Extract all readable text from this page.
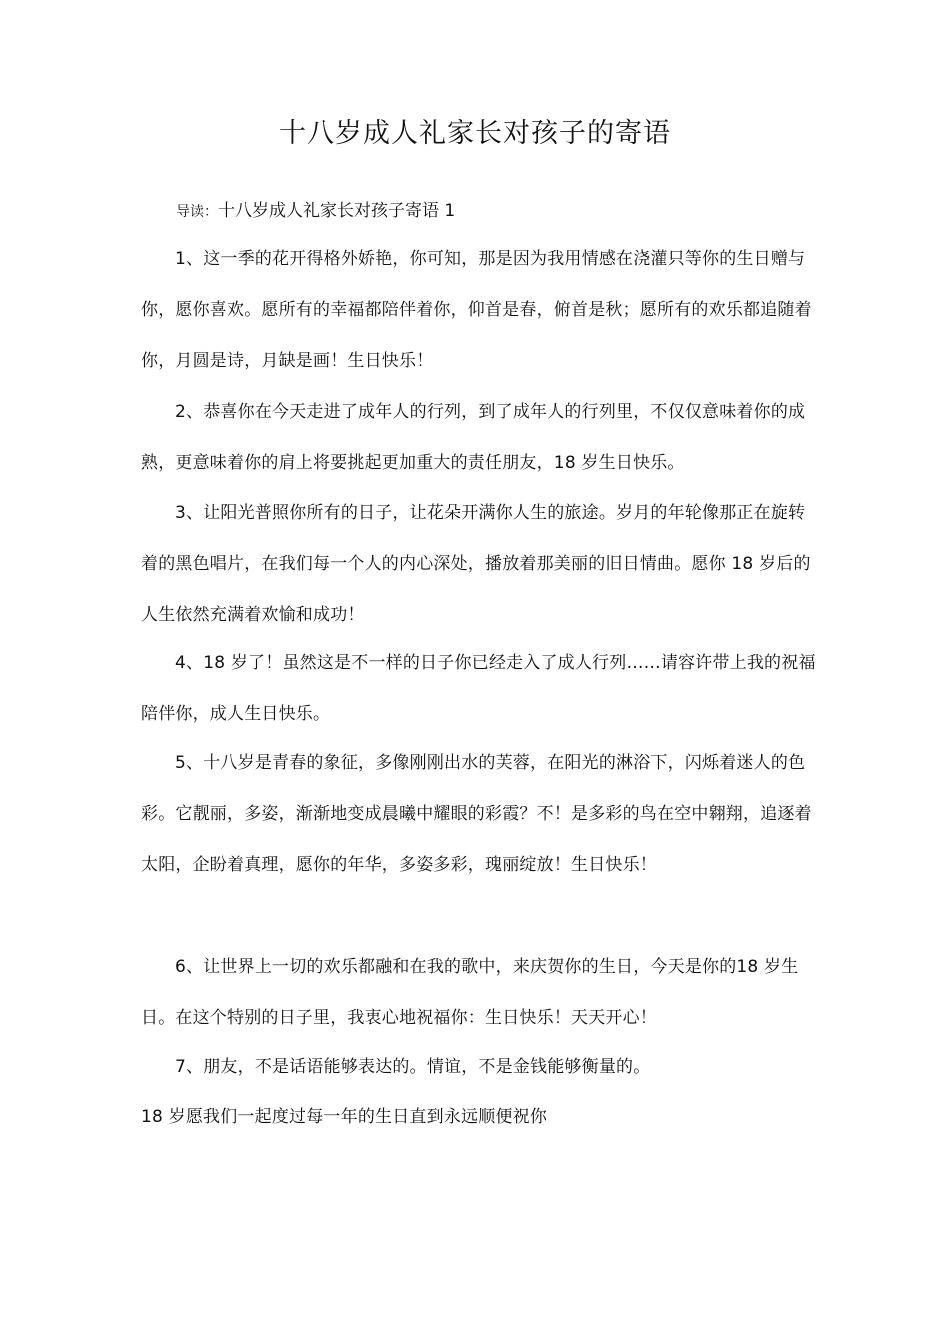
十八岁成人礼家长对孩子的寄语
导读：十八岁成人礼家长对孩子寄语 1

1、这一季的花开得格外娇艳，你可知，那是因为我用情感在浇灌只等你的生日赠与你，愿你喜欢。愿所有的幸福都陪伴着你，仰首是春，俯首是秋；愿所有的欢乐都追随着你，月圆是诗，月缺是画！生日快乐！

2、恭喜你在今天走进了成年人的行列，到了成年人的行列里，不仅仅意味着你的成熟，更意味着你的肩上将要挑起更加重大的责任朋友，18 岁生日快乐。

3、让阳光普照你所有的日子，让花朵开满你人生的旅途。岁月的年轮像那正在旋转着的黑色唱片，在我们每一个人的内心深处，播放着那美丽的旧日情曲。愿你 18 岁后的人生依然充满着欢愉和成功！

4、18 岁了！虽然这是不一样的日子你已经走入了成人行列……请容许带上我的祝福陪伴你，成人生日快乐。

5、十八岁是青春的象征，多像刚刚出水的芙蓉，在阳光的淋浴下，闪烁着迷人的色彩。它靓丽，多姿，渐渐地变成晨曦中耀眼的彩霞？不！是多彩的鸟在空中翱翔，追逐着太阳，企盼着真理，愿你的年华，多姿多彩，瑰丽绽放！生日快乐！

6、让世界上一切的欢乐都融和在我的歌中，来庆贺你的生日，今天是你的18 岁生日。在这个特别的日子里，我衷心地祝福你：生日快乐！天天开心！

7、朋友，不是话语能够表达的。情谊，不是金钱能够衡量的。

18 岁愿我们一起度过每一年的生日直到永远顺便祝你
